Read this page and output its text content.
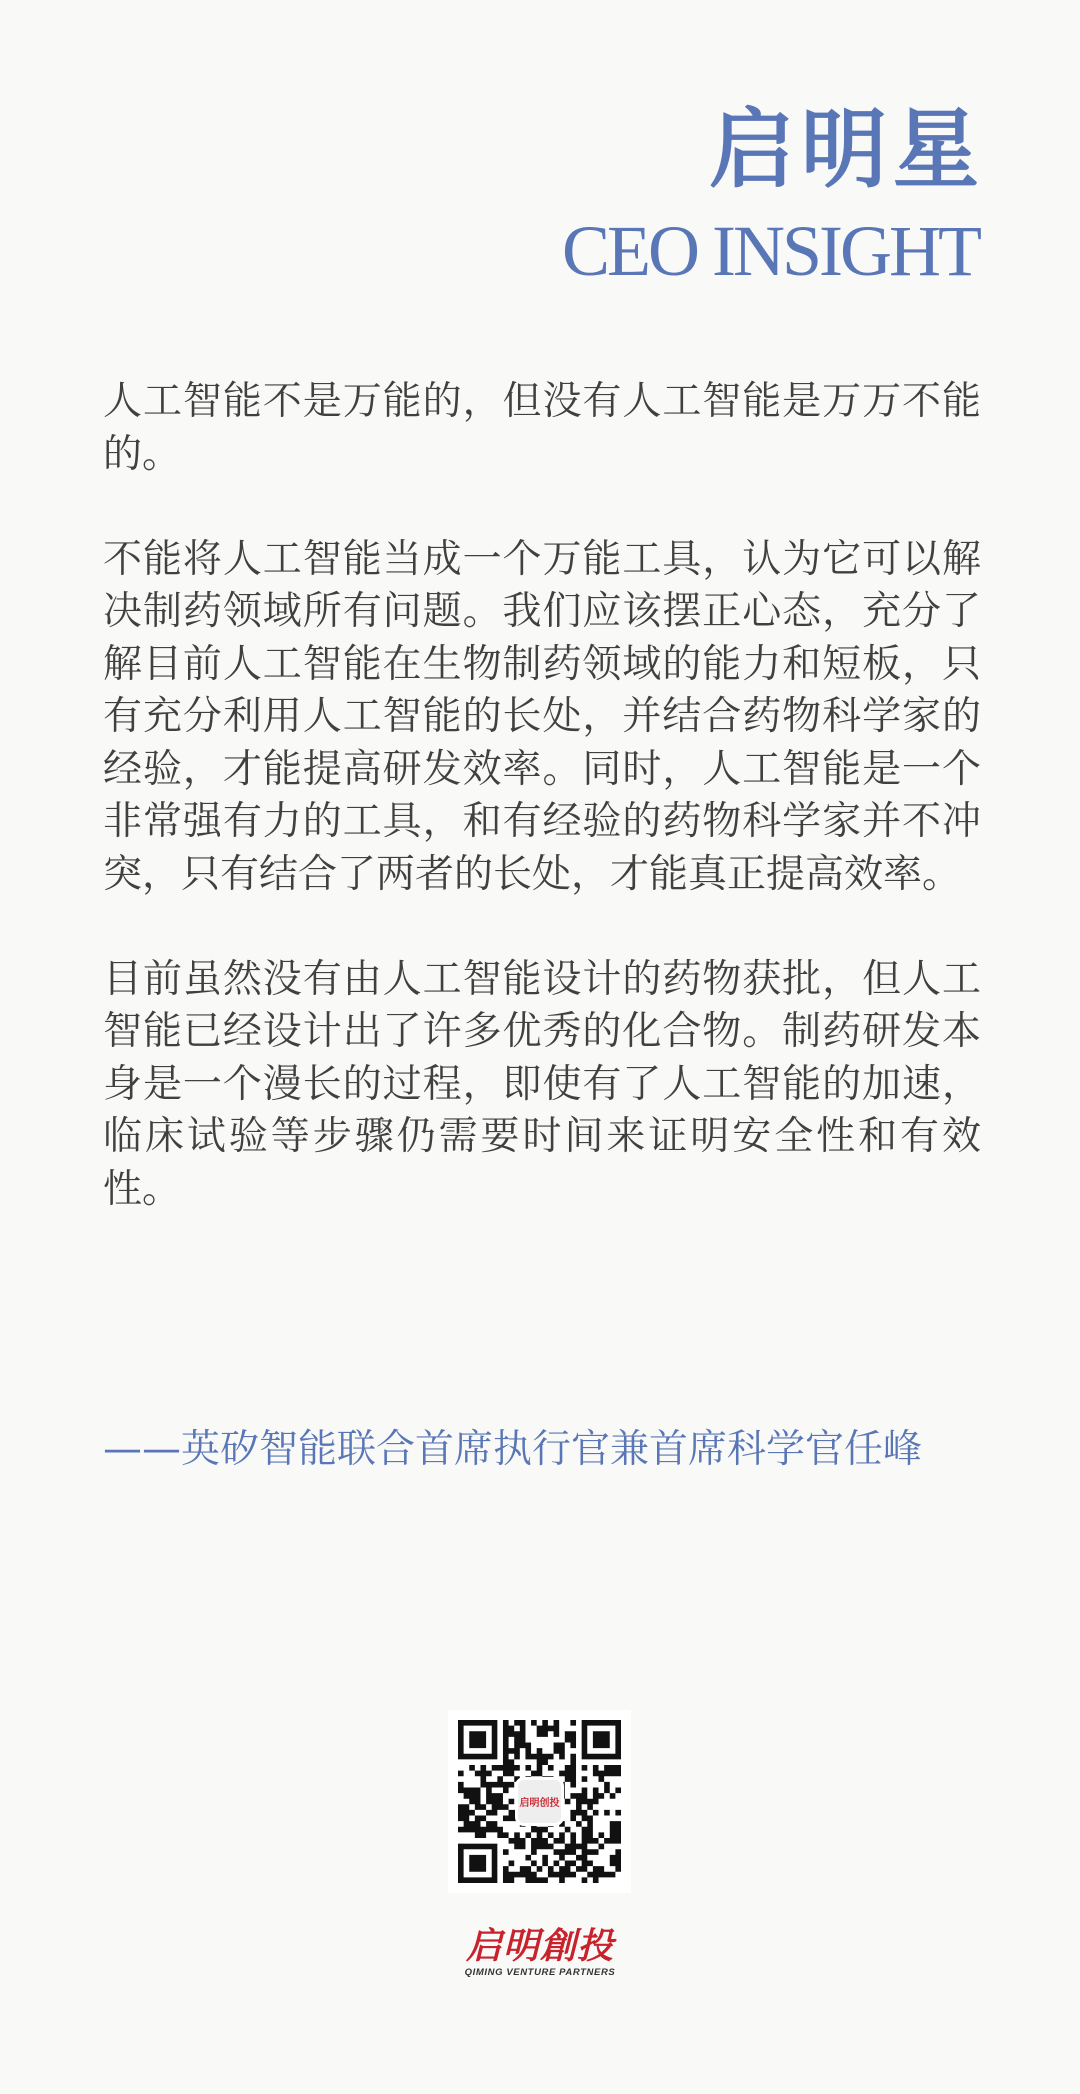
启明星
CEO INSIGHT

人工智能不是万能的，但没有人工智能是万万不能的。

不能将人工智能当成一个万能工具，认为它可以解决制药领域所有问题。我们应该摆正心态，充分了解目前人工智能在生物制药领域的能力和短板，只有充分利用人工智能的长处，并结合药物科学家的经验，才能提高研发效率。同时，人工智能是一个非常强有力的工具，和有经验的药物科学家并不冲突，只有结合了两者的长处，才能真正提高效率。

目前虽然没有由人工智能设计的药物获批，但人工智能已经设计出了许多优秀的化合物。制药研发本身是一个漫长的过程，即使有了人工智能的加速，临床试验等步骤仍需要时间来证明安全性和有效性。

——英矽智能联合首席执行官兼首席科学官任峰
启明创投
启明創投
QIMING VENTURE PARTNERS
